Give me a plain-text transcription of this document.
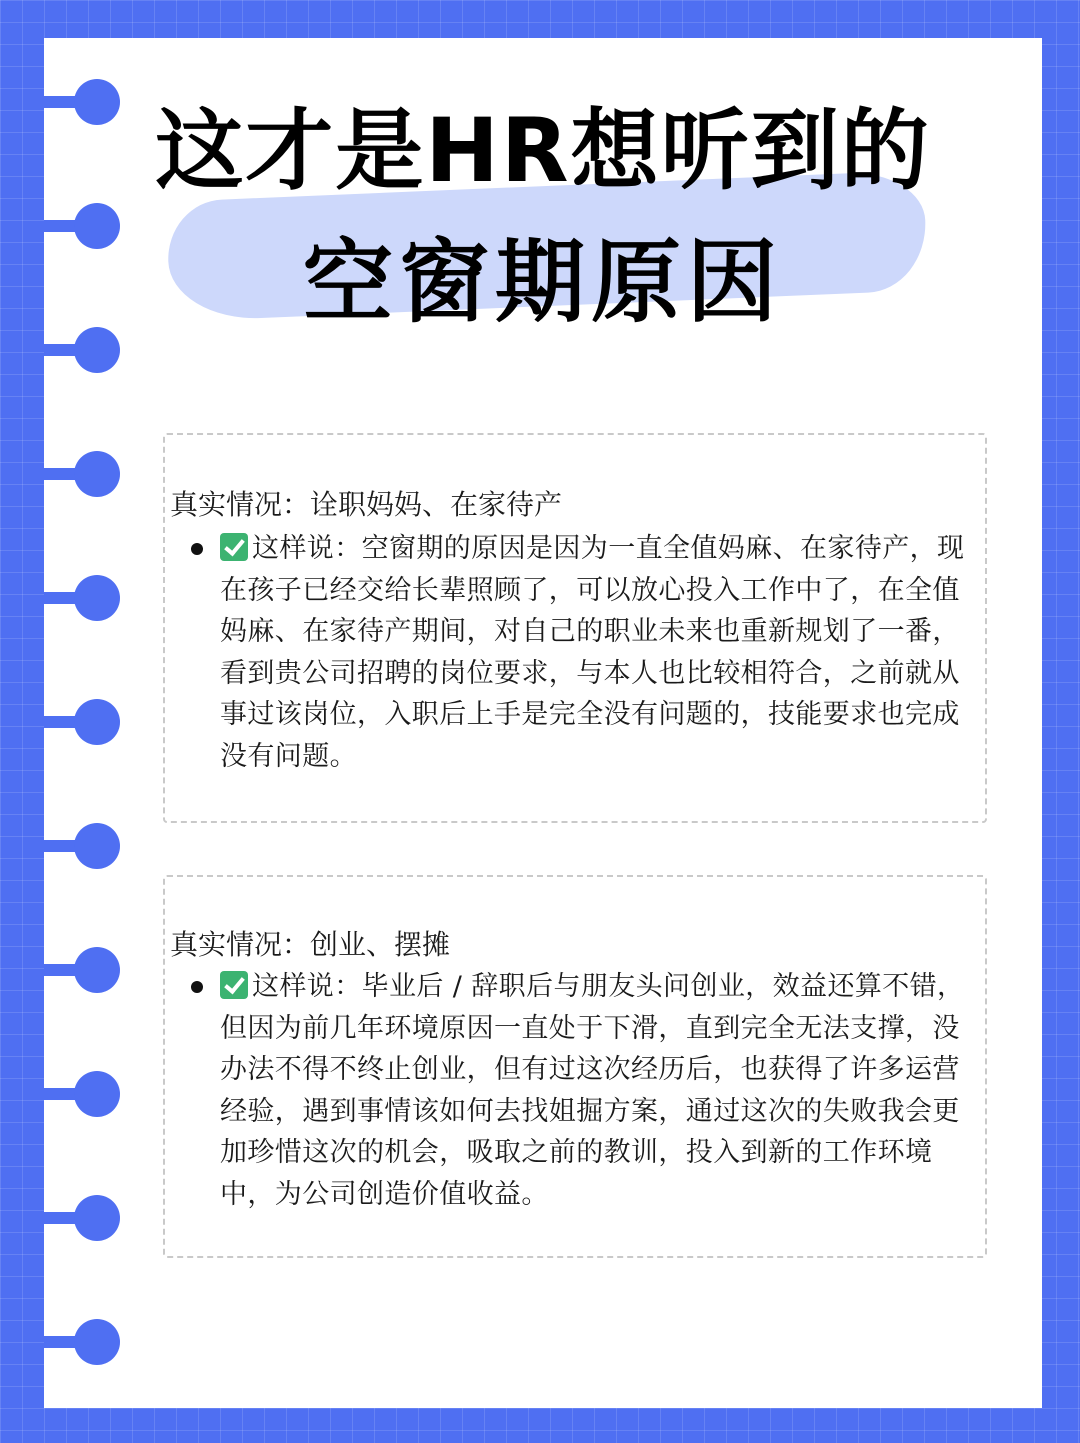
这才是HR想听到的
空窗期原因
真实情况：诠职妈妈、在家待产
这样说：空窗期的原因是因为一直全值妈麻、在家待产，现在孩子已经交给长辈照顾了，可以放心投入工作中了，在全值妈麻、在家待产期间，对自己的职业未来也重新规划了一番，看到贵公司招聘的岗位要求，与本人也比较相符合，之前就从事过该岗位，入职后上手是完全没有问题的，技能要求也完成没有问题。
真实情况：创业、摆摊
这样说：毕业后 / 辞职后与朋友头问创业，效益还算不错，但因为前几年环境原因一直处于下滑，直到完全无法支撑，没办法不得不终止创业，但有过这次经历后，也获得了许多运营经验，遇到事情该如何去找姐掘方案，通过这次的失败我会更加珍惜这次的机会，吸取之前的教训，投入到新的工作环境中，为公司创造价值收益。
